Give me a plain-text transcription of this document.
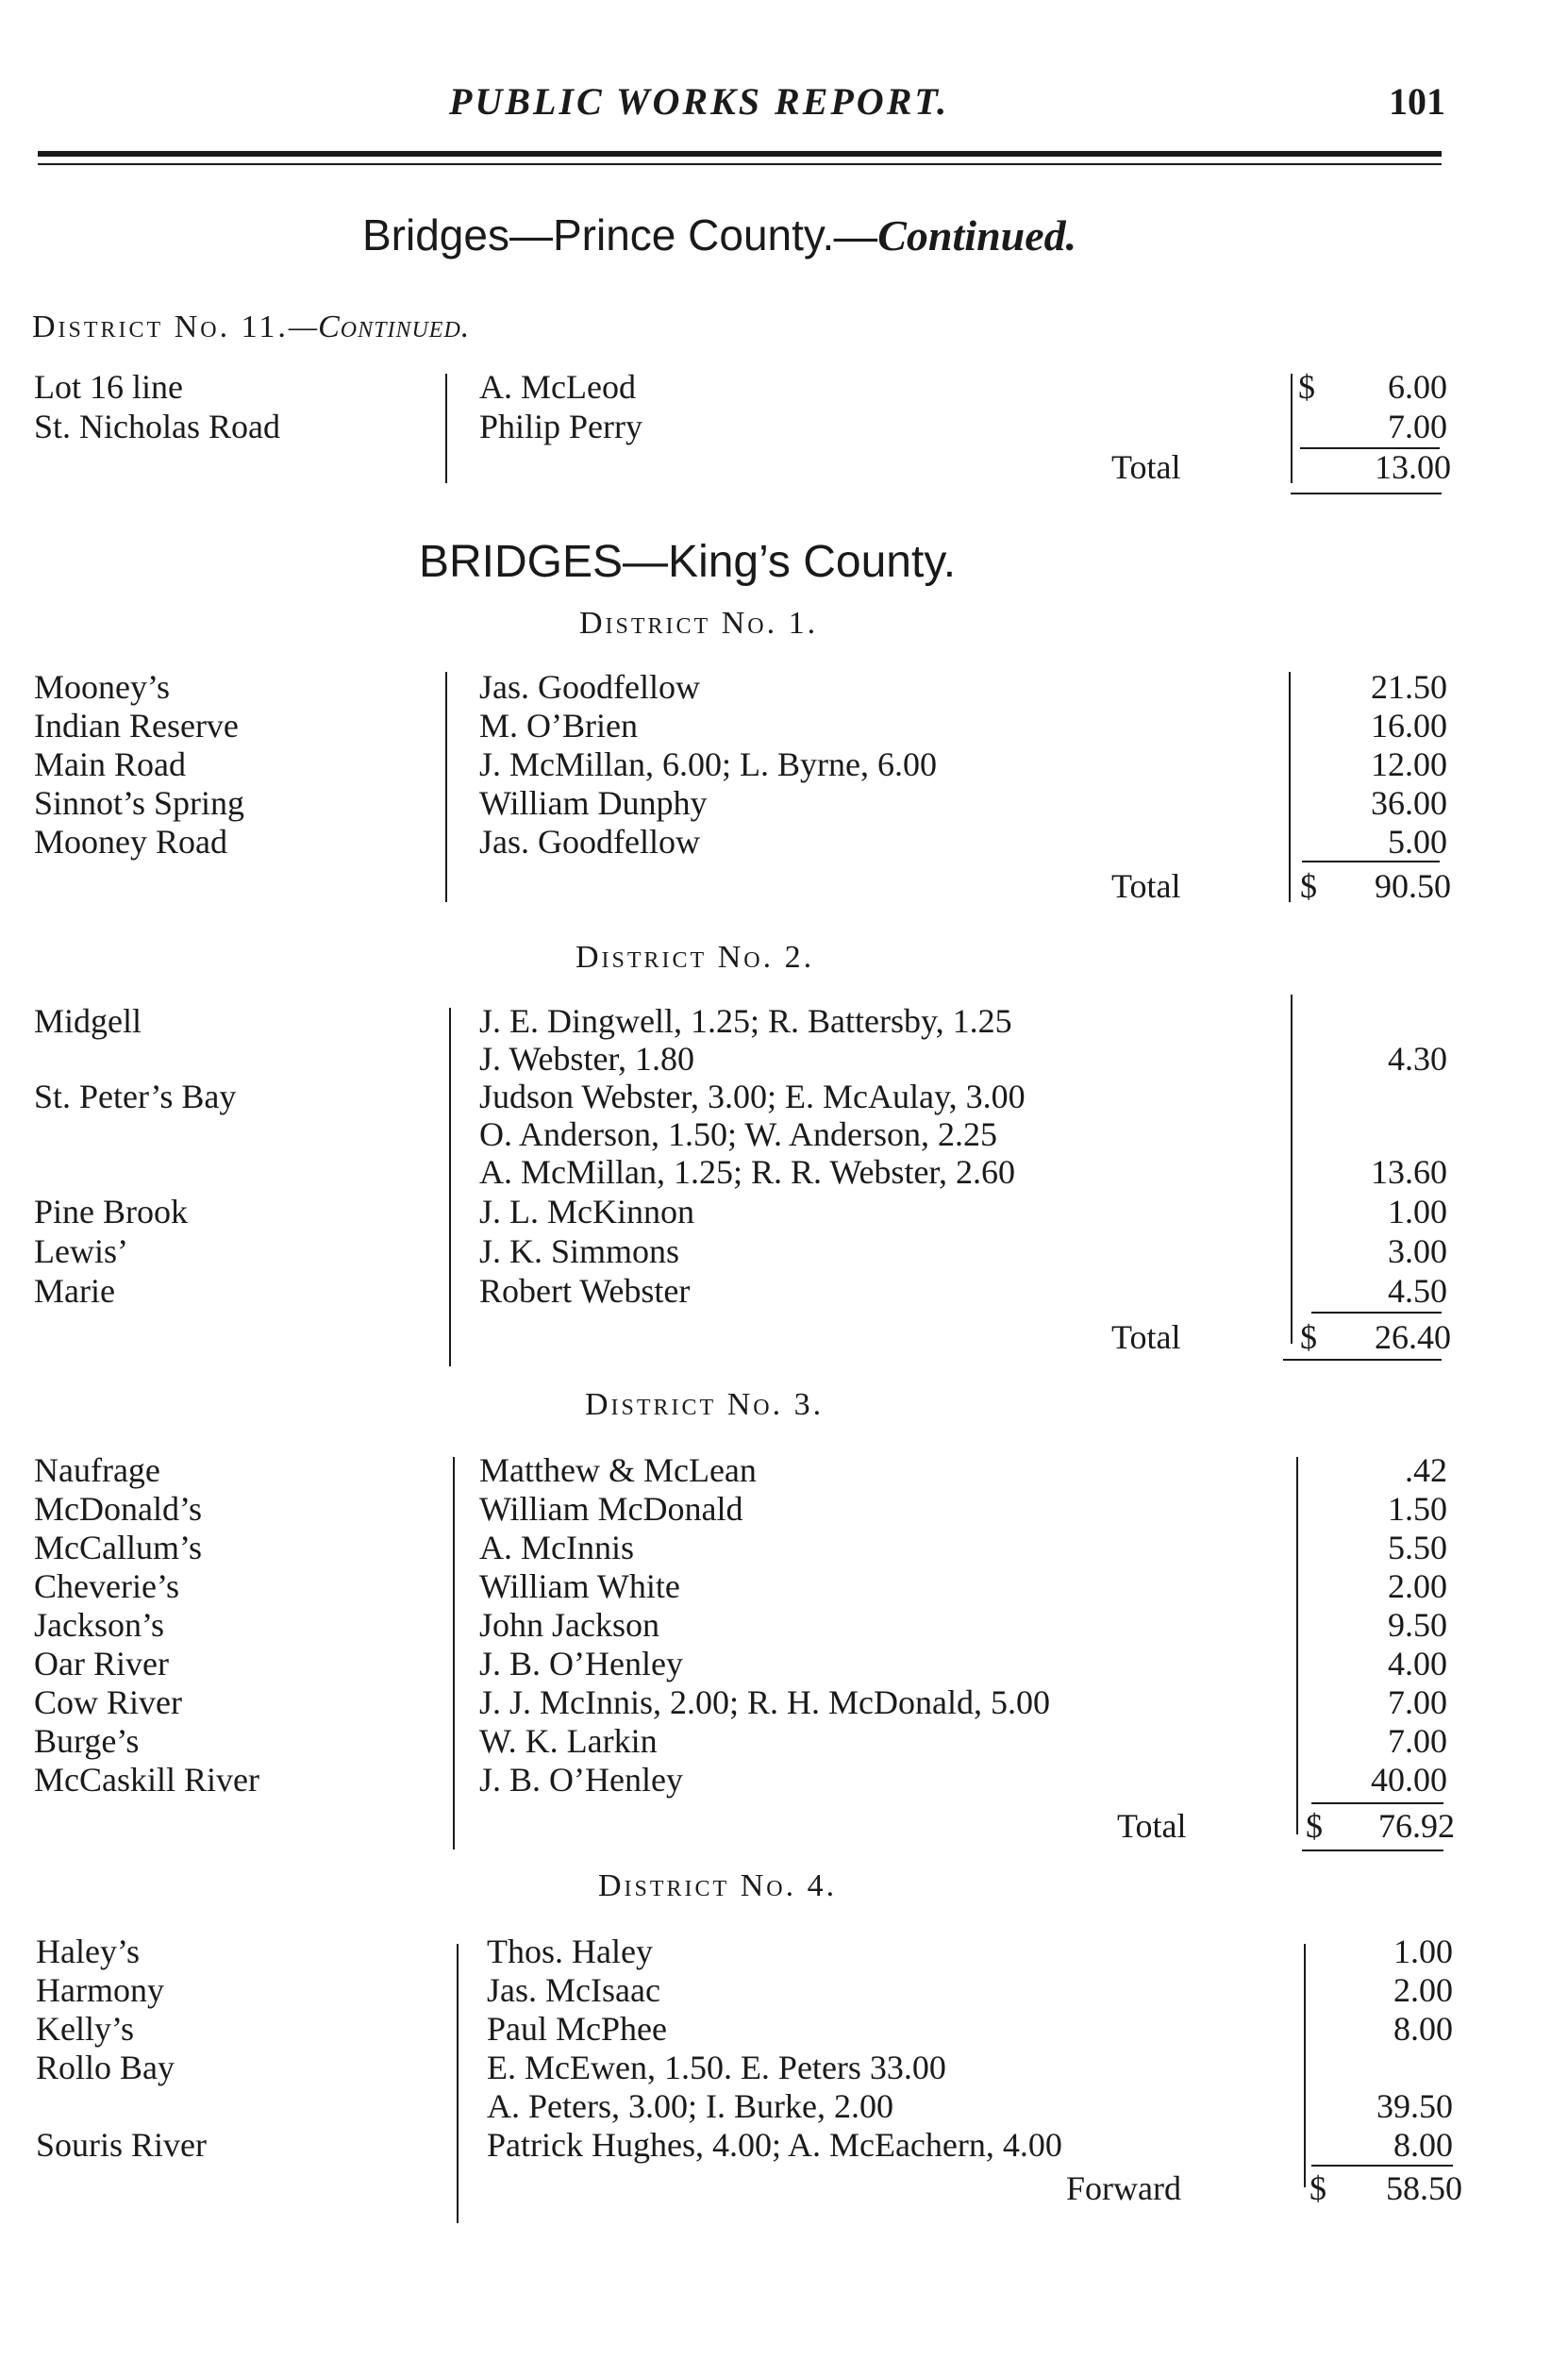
PUBLIC WORKS REPORT.	101
Bridges—Prince County.—Continued.
District No. 11.—Continued.
Lot 16 line	A. McLeod	$ 6.00
St. Nicholas Road	Philip Perry	7.00
Total	13.00
BRIDGES—King’s County.
District No. 1.
Mooney’s	Jas. Goodfellow	21.50
Indian Reserve	M. O’Brien	16.00
Main Road	J. McMillan, 6.00; L. Byrne, 6.00	12.00
Sinnot’s Spring	William Dunphy	36.00
Mooney Road	Jas. Goodfellow	5.00
Total	$ 90.50
District No. 2.
Midgell	J. E. Dingwell, 1.25; R. Battersby, 1.25
J. Webster, 1.80	4.30
St. Peter’s Bay	Judson Webster, 3.00; E. McAulay, 3.00
O. Anderson, 1.50; W. Anderson, 2.25
A. McMillan, 1.25; R. R. Webster, 2.60	13.60
Pine Brook	J. L. McKinnon	1.00
Lewis’	J. K. Simmons	3.00
Marie	Robert Webster	4.50
Total	$ 26.40
District No. 3.
Naufrage	Matthew & McLean	.42
McDonald’s	William McDonald	1.50
McCallum’s	A. McInnis	5.50
Cheverie’s	William White	2.00
Jackson’s	John Jackson	9.50
Oar River	J. B. O’Henley	4.00
Cow River	J. J. McInnis, 2.00; R. H. McDonald, 5.00	7.00
Burge’s	W. K. Larkin	7.00
McCaskill River	J. B. O’Henley	40.00
Total	$ 76.92
District No. 4.
Haley’s	Thos. Haley	1.00
Harmony	Jas. McIsaac	2.00
Kelly’s	Paul McPhee	8.00
Rollo Bay	E. McEwen, 1.50. E. Peters 33.00
A. Peters, 3.00; I. Burke, 2.00	39.50
Souris River	Patrick Hughes, 4.00; A. McEachern, 4.00	8.00
Forward	$ 58.50
